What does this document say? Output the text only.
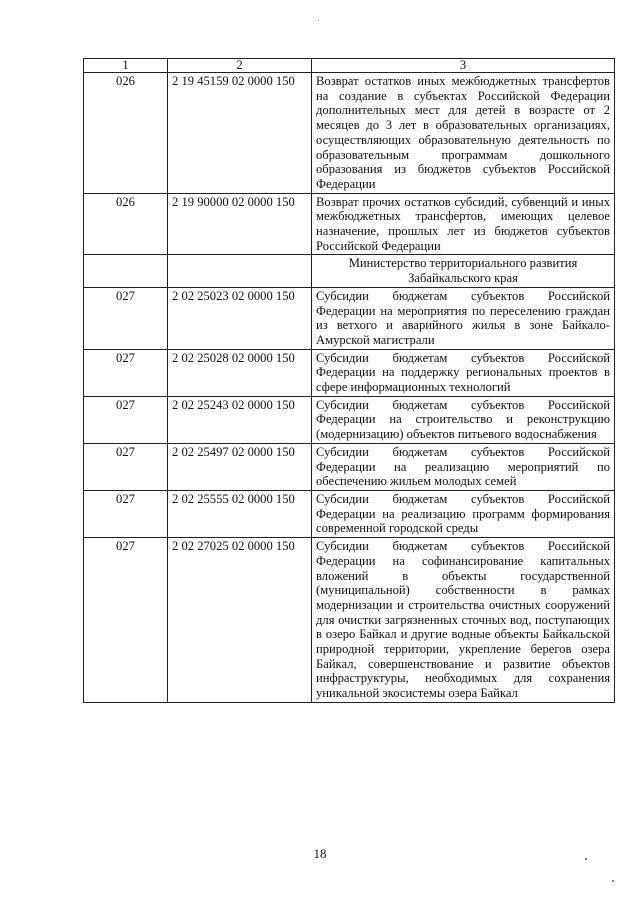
1	2	3
026	2 19 45159 02 0000 150	Возврат остатков иных межбюджетных трансфертов на создание в субъектах Российской Федерации дополнительных мест для детей в возрасте от 2 месяцев до 3 лет в образовательных организациях, осуществляющих образовательную деятельность по образовательным программам дошкольного образования из бюджетов субъектов Российской Федерации
026	2 19 90000 02 0000 150	Возврат прочих остатков субсидий, субвенций и иных межбюджетных трансфертов, имеющих целевое назначение, прошлых лет из бюджетов субъектов Российской Федерации
		Министерство территориального развития Забайкальского края
027	2 02 25023 02 0000 150	Субсидии бюджетам субъектов Российской Федерации на мероприятия по переселению граждан из ветхого и аварийного жилья в зоне Байкало-Амурской магистрали
027	2 02 25028 02 0000 150	Субсидии бюджетам субъектов Российской Федерации на поддержку региональных проектов в сфере информационных технологий
027	2 02 25243 02 0000 150	Субсидии бюджетам субъектов Российской Федерации на строительство и реконструкцию (модернизацию) объектов питьевого водоснабжения
027	2 02 25497 02 0000 150	Субсидии бюджетам субъектов Российской Федерации на реализацию мероприятий по обеспечению жильем молодых семей
027	2 02 25555 02 0000 150	Субсидии бюджетам субъектов Российской Федерации на реализацию программ формирования современной городской среды
027	2 02 27025 02 0000 150	Субсидии бюджетам субъектов Российской Федерации на софинансирование капитальных вложений в объекты государственной (муниципальной) собственности в рамках модернизации и строительства очистных сооружений для очистки загрязненных сточных вод, поступающих в озеро Байкал и другие водные объекты Байкальской природной территории, укрепление берегов озера Байкал, совершенствование и развитие объектов инфраструктуры, необходимых для сохранения уникальной экосистемы озера Байкал
18
